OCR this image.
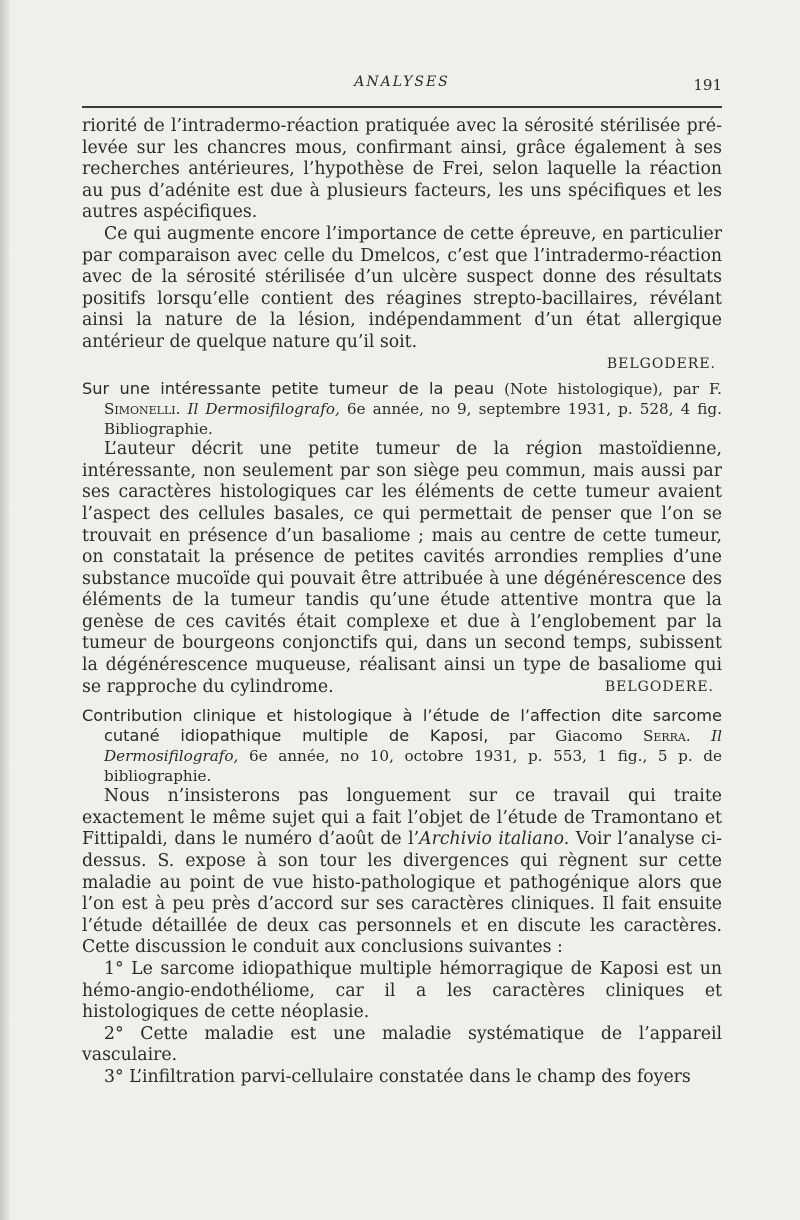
ANALYSES	191

riorité de l’intradermo-réaction pratiquée avec la sérosité stérilisée pré-levée sur les chancres mous, confirmant ainsi, grâce également à ses recherches antérieures, l’hypothèse de Frei, selon laquelle la réaction au pus d’adénite est due à plusieurs facteurs, les uns spécifiques et les autres aspécifiques.

Ce qui augmente encore l’importance de cette épreuve, en particulier par comparaison avec celle du Dmelcos, c’est que l’intradermo-réaction avec de la sérosité stérilisée d’un ulcère suspect donne des résultats positifs lorsqu’elle contient des réagines strepto-bacillaires, révélant ainsi la nature de la lésion, indépendamment d’un état allergique antérieur de quelque nature qu’il soit.

BELGODERE.
Sur une intéressante petite tumeur de la peau (Note histologique), par F. Simonelli. Il Dermosifilografo, 6e année, no 9, septembre 1931, p. 528, 4 fig. Bibliographie.

L’auteur décrit une petite tumeur de la région mastoïdienne, intéressante, non seulement par son siège peu commun, mais aussi par ses caractères histologiques car les éléments de cette tumeur avaient l’aspect des cellules basales, ce qui permettait de penser que l’on se trouvait en présence d’un basaliome ; mais au centre de cette tumeur, on constatait la présence de petites cavités arrondies remplies d’une substance mucoïde qui pouvait être attribuée à une dégénérescence des éléments de la tumeur tandis qu’une étude attentive montra que la genèse de ces cavités était complexe et due à l’englobement par la tumeur de bourgeons conjonctifs qui, dans un second temps, subissent la dégénérescence muqueuse, réalisant ainsi un type de basaliome qui se rapproche du cylindrome.	BELGODERE.

Contribution clinique et histologique à l’étude de l’affection dite sarcome cutané idiopathique multiple de Kaposi, par Giacomo Serra. Il Dermosifilografo, 6e année, no 10, octobre 1931, p. 553, 1 fig., 5 p. de bibliographie.

Nous n’insisterons pas longuement sur ce travail qui traite exactement le même sujet qui a fait l’objet de l’étude de Tramontano et Fittipaldi, dans le numéro d’août de l’Archivio italiano. Voir l’analyse ci-dessus. S. expose à son tour les divergences qui règnent sur cette maladie au point de vue histo-pathologique et pathogénique alors que l’on est à peu près d’accord sur ses caractères cliniques. Il fait ensuite l’étude détaillée de deux cas personnels et en discute les caractères. Cette discussion le conduit aux conclusions suivantes :

1° Le sarcome idiopathique multiple hémorragique de Kaposi est un hémo-angio-endothéliome, car il a les caractères cliniques et histologiques de cette néoplasie.

2° Cette maladie est une maladie systématique de l’appareil vasculaire.

3° L’infiltration parvi-cellulaire constatée dans le champ des foyers
